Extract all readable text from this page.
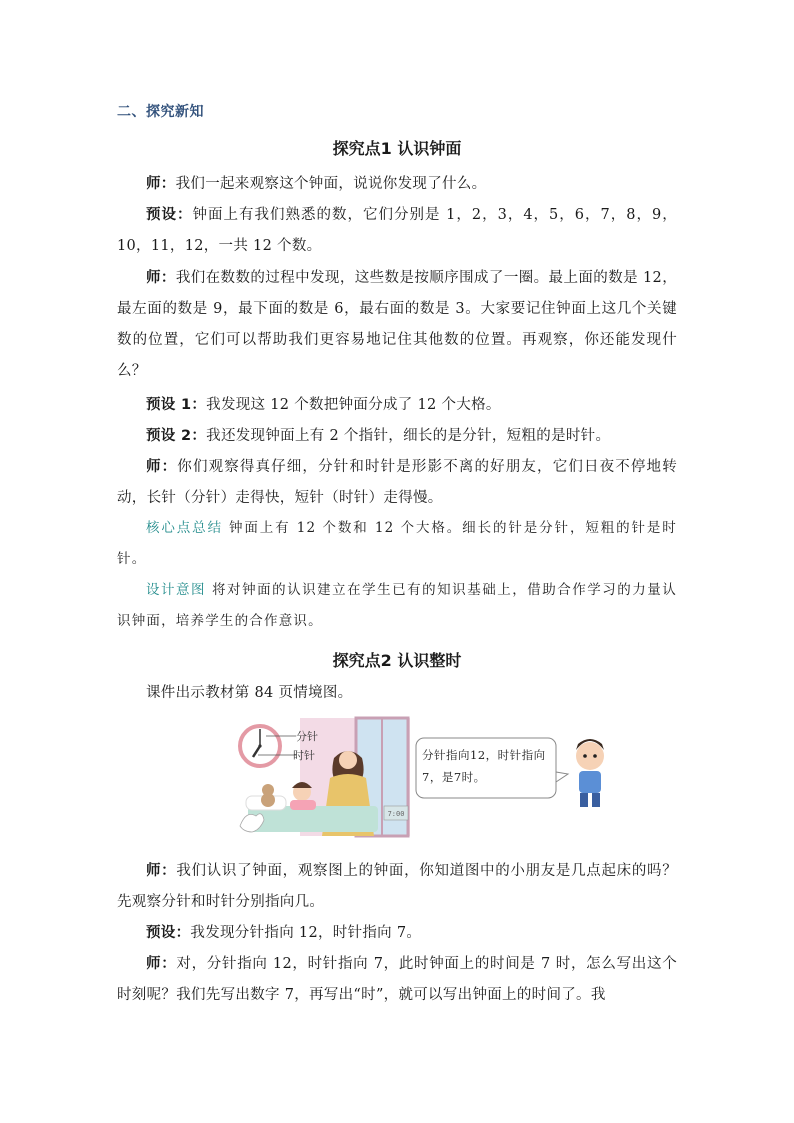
二、探究新知
探究点1 认识钟面
师：我们一起来观察这个钟面，说说你发现了什么。
预设：钟面上有我们熟悉的数，它们分别是 1，2，3，4，5，6，7，8，9，10，11，12，一共 12 个数。
师：我们在数数的过程中发现，这些数是按顺序围成了一圈。最上面的数是 12，最左面的数是 9，最下面的数是 6，最右面的数是 3。大家要记住钟面上这几个关键数的位置，它们可以帮助我们更容易地记住其他数的位置。再观察，你还能发现什么？
预设 1：我发现这 12 个数把钟面分成了 12 个大格。
预设 2：我还发现钟面上有 2 个指针，细长的是分针，短粗的是时针。
师：你们观察得真仔细，分针和时针是形影不离的好朋友，它们日夜不停地转动，长针（分针）走得快，短针（时针）走得慢。
核心点总结 钟面上有 12 个数和 12 个大格。细长的针是分针，短粗的针是时针。
设计意图 将对钟面的认识建立在学生已有的知识基础上，借助合作学习的力量认识钟面，培养学生的合作意识。
探究点2 认识整时
课件出示教材第 84 页情境图。
分针
时针
7:00
分针指向12，时针指向7，是7时。
师：我们认识了钟面，观察图上的钟面，你知道图中的小朋友是几点起床的吗？先观察分针和时针分别指向几。
预设：我发现分针指向 12，时针指向 7。
师：对，分针指向 12，时针指向 7，此时钟面上的时间是 7 时，怎么写出这个时刻呢？我们先写出数字 7，再写出“时”，就可以写出钟面上的时间了。我
